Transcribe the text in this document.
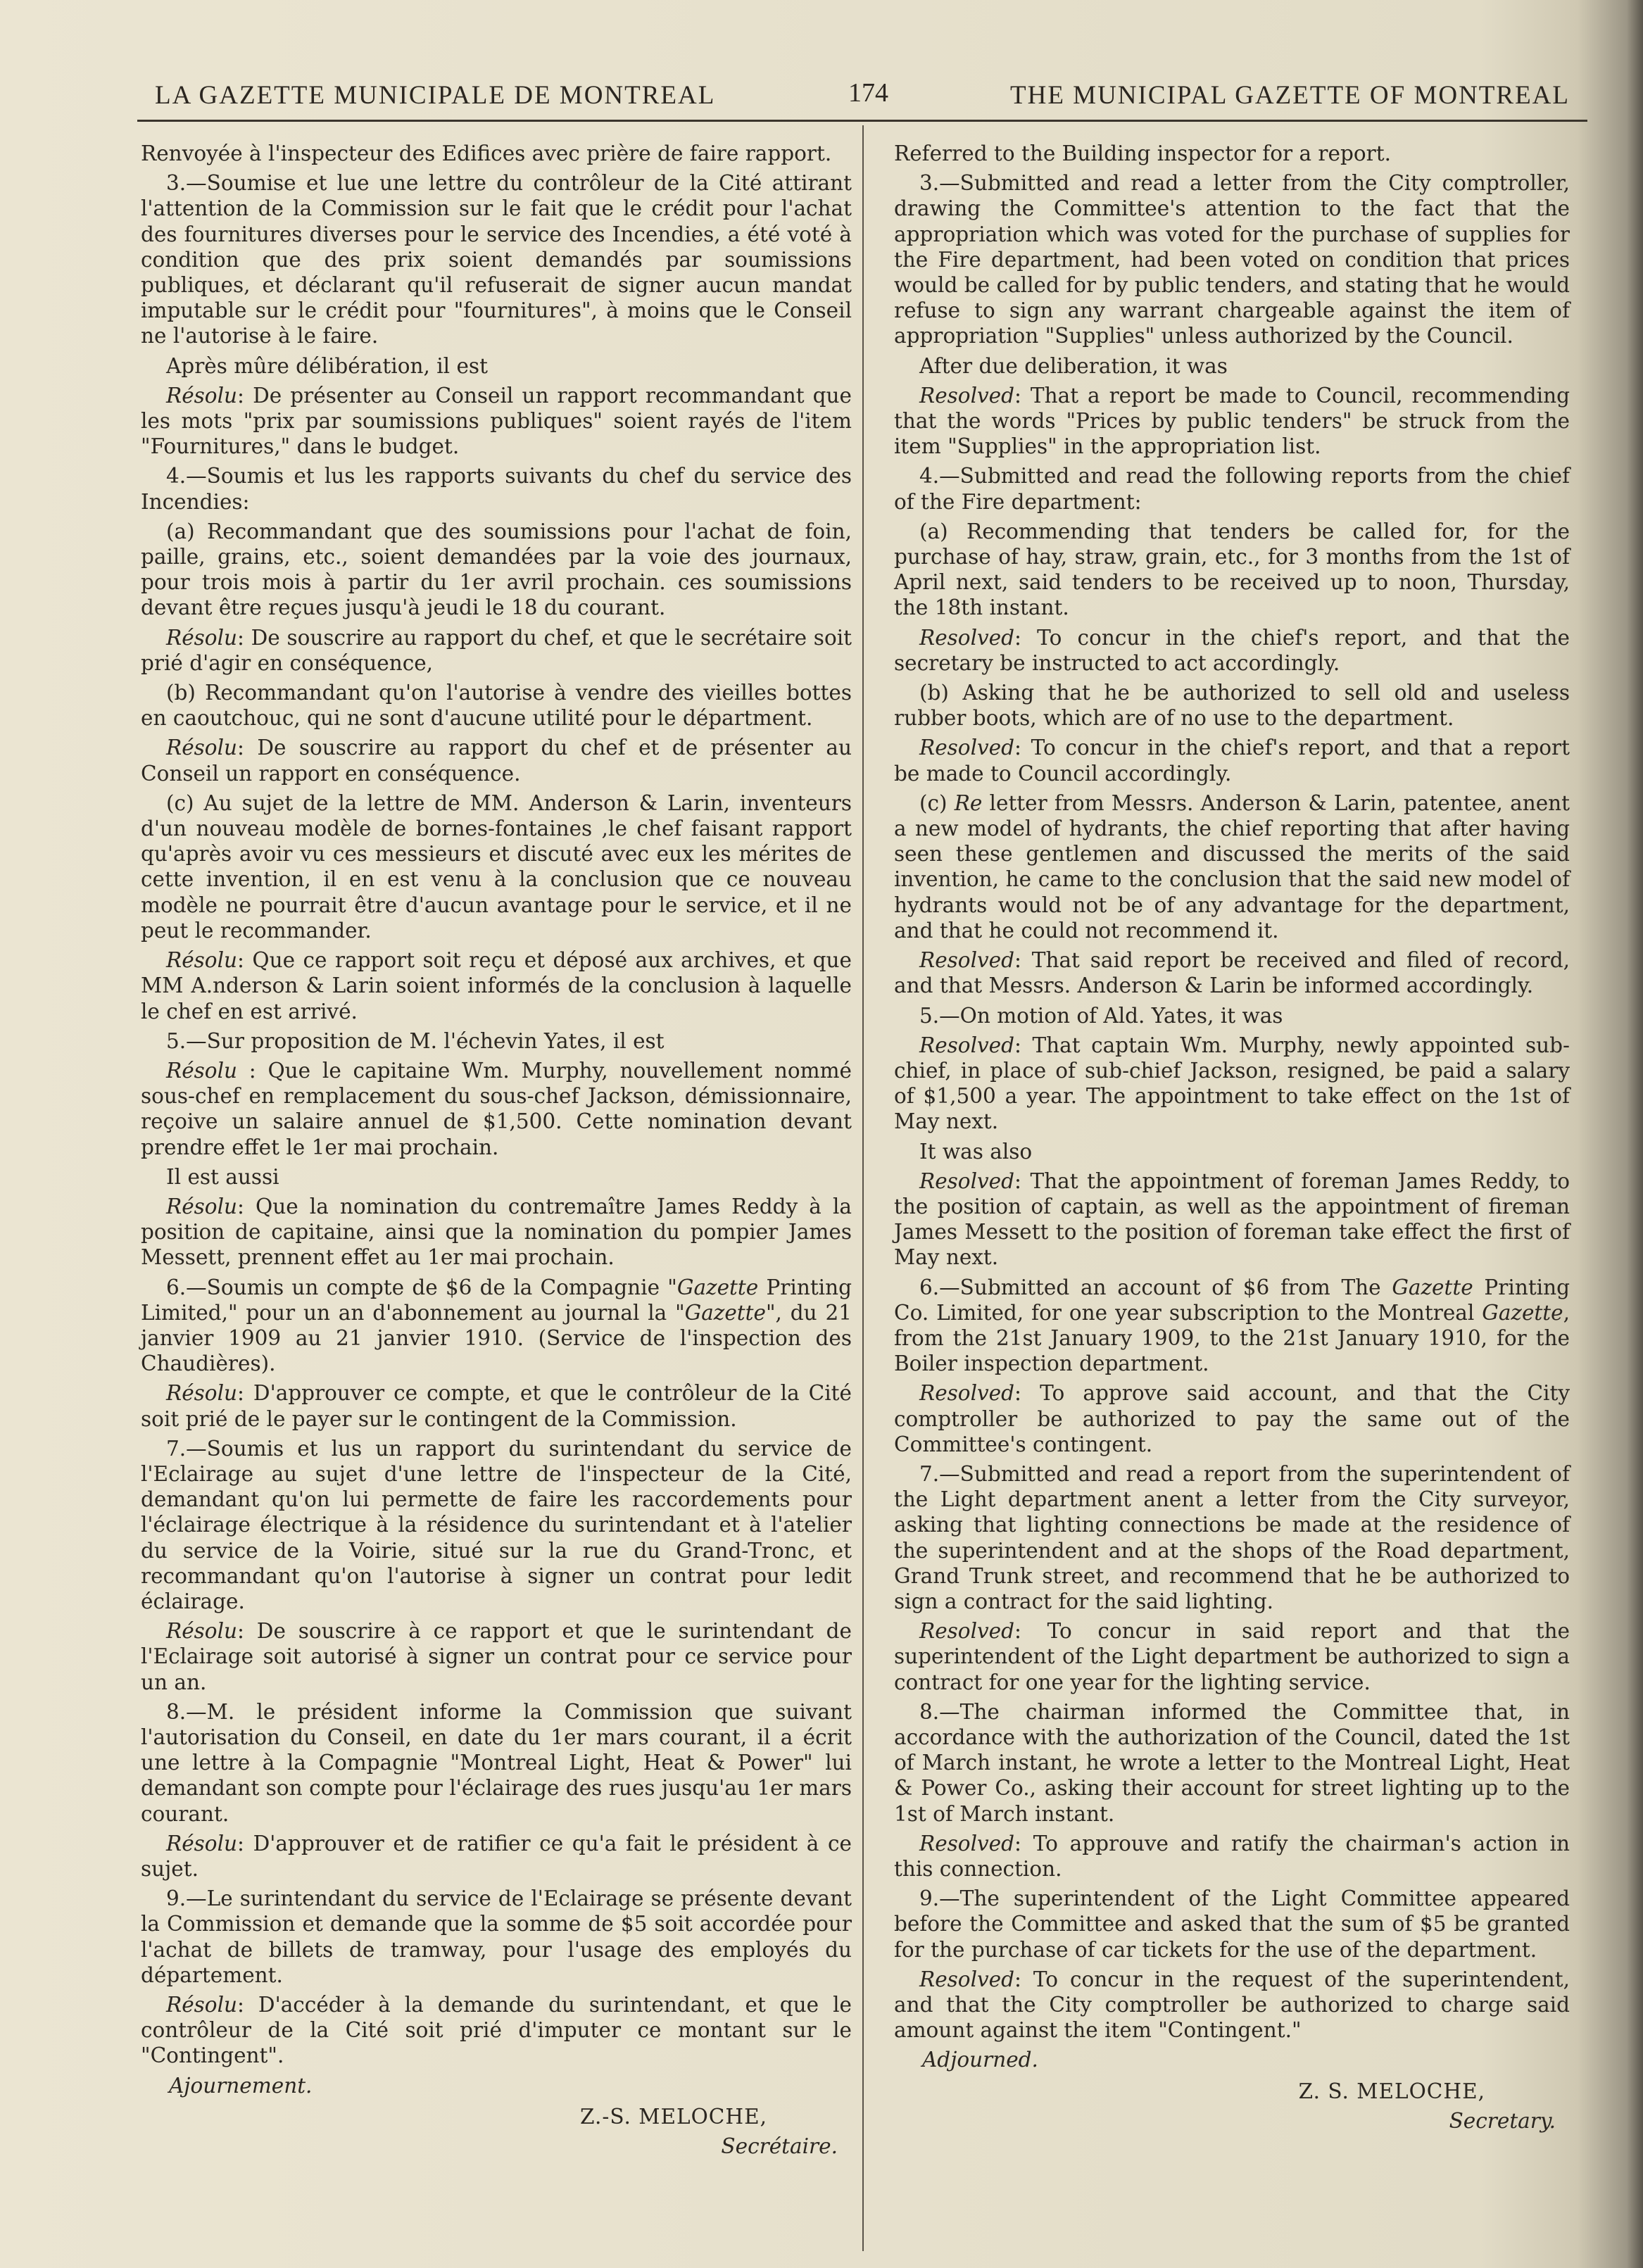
LA GAZETTE MUNICIPALE DE MONTREAL	174	THE MUNICIPAL GAZETTE OF MONTREAL

Renvoyée à l'inspecteur des Edifices avec prière de faire rapport.

3.—Soumise et lue une lettre du contrôleur de la Cité attirant l'attention de la Commission sur le fait que le crédit pour l'achat des fournitures diverses pour le service des Incendies, a été voté à condition que des prix soient demandés par soumissions publiques, et déclarant qu'il refuserait de signer aucun mandat imputable sur le crédit pour "fournitures", à moins que le Conseil ne l'autorise à le faire.

Après mûre délibération, il est

Résolu: De présenter au Conseil un rapport recommandant que les mots "prix par soumissions publiques" soient rayés de l'item "Fournitures," dans le budget.

4.—Soumis et lus les rapports suivants du chef du service des Incendies:

(a) Recommandant que des soumissions pour l'achat de foin, paille, grains, etc., soient demandées par la voie des journaux, pour trois mois à partir du 1er avril prochain. ces soumissions devant être reçues jusqu'à jeudi le 18 du courant.

Résolu: De souscrire au rapport du chef, et que le secrétaire soit prié d'agir en conséquence,

(b) Recommandant qu'on l'autorise à vendre des vieilles bottes en caoutchouc, qui ne sont d'aucune utilité pour le départment.

Résolu: De souscrire au rapport du chef et de présenter au Conseil un rapport en conséquence.

(c) Au sujet de la lettre de MM. Anderson & Larin, inventeurs d'un nouveau modèle de bornes-fontaines ,le chef faisant rapport qu'après avoir vu ces messieurs et discuté avec eux les mérites de cette invention, il en est venu à la conclusion que ce nouveau modèle ne pourrait être d'aucun avantage pour le service, et il ne peut le recommander.

Résolu: Que ce rapport soit reçu et déposé aux archives, et que MM A.nderson & Larin soient informés de la conclusion à laquelle le chef en est arrivé.

5.—Sur proposition de M. l'échevin Yates, il est

Résolu : Que le capitaine Wm. Murphy, nouvellement nommé sous-chef en remplacement du sous-chef Jackson, démissionnaire, reçoive un salaire annuel de $1,500. Cette nomination devant prendre effet le 1er mai prochain.

Il est aussi

Résolu: Que la nomination du contremaître James Reddy à la position de capitaine, ainsi que la nomination du pompier James Messett, prennent effet au 1er mai prochain.

6.—Soumis un compte de $6 de la Compagnie "Gazette Printing Limited," pour un an d'abonnement au journal la "Gazette", du 21 janvier 1909 au 21 janvier 1910. (Service de l'inspection des Chaudières).

Résolu: D'approuver ce compte, et que le contrôleur de la Cité soit prié de le payer sur le contingent de la Commission.

7.—Soumis et lus un rapport du surintendant du service de l'Eclairage au sujet d'une lettre de l'inspecteur de la Cité, demandant qu'on lui permette de faire les raccordements pour l'éclairage électrique à la résidence du surintendant et à l'atelier du service de la Voirie, situé sur la rue du Grand-Tronc, et recommandant qu'on l'autorise à signer un contrat pour ledit éclairage.

Résolu: De souscrire à ce rapport et que le surintendant de l'Eclairage soit autorisé à signer un contrat pour ce service pour un an.

8.—M. le président informe la Commission que suivant l'autorisation du Conseil, en date du 1er mars courant, il a écrit une lettre à la Compagnie "Montreal Light, Heat & Power" lui demandant son compte pour l'éclairage des rues jusqu'au 1er mars courant.

Résolu: D'approuver et de ratifier ce qu'a fait le président à ce sujet.

9.—Le surintendant du service de l'Eclairage se présente devant la Commission et demande que la somme de $5 soit accordée pour l'achat de billets de tramway, pour l'usage des employés du département.

Résolu: D'accéder à la demande du surintendant, et que le contrôleur de la Cité soit prié d'imputer ce montant sur le "Contingent".

Ajournement.
Z.-S. MELOCHE,
Secrétaire.

Referred to the Building inspector for a report.

3.—Submitted and read a letter from the City comptroller, drawing the Committee's attention to the fact that the appropriation which was voted for the purchase of supplies for the Fire department, had been voted on condition that prices would be called for by public tenders, and stating that he would refuse to sign any warrant chargeable against the item of appropriation "Supplies" unless authorized by the Council.

After due deliberation, it was

Resolved: That a report be made to Council, recommending that the words "Prices by public tenders" be struck from the item "Supplies" in the appropriation list.

4.—Submitted and read the following reports from the chief of the Fire department:

(a) Recommending that tenders be called for, for the purchase of hay, straw, grain, etc., for 3 months from the 1st of April next, said tenders to be received up to noon, Thursday, the 18th instant.

Resolved: To concur in the chief's report, and that the secretary be instructed to act accordingly.

(b) Asking that he be authorized to sell old and useless rubber boots, which are of no use to the department.

Resolved: To concur in the chief's report, and that a report be made to Council accordingly.

(c) Re letter from Messrs. Anderson & Larin, patentee, anent a new model of hydrants, the chief reporting that after having seen these gentlemen and discussed the merits of the said invention, he came to the conclusion that the said new model of hydrants would not be of any advantage for the department, and that he could not recommend it.

Resolved: That said report be received and filed of record, and that Messrs. Anderson & Larin be informed accordingly.

5.—On motion of Ald. Yates, it was

Resolved: That captain Wm. Murphy, newly appointed sub-chief, in place of sub-chief Jackson, resigned, be paid a salary of $1,500 a year. The appointment to take effect on the 1st of May next.

It was also

Resolved: That the appointment of foreman James Reddy, to the position of captain, as well as the appointment of fireman James Messett to the position of foreman take effect the first of May next.

6.—Submitted an account of $6 from The Gazette Printing Co. Limited, for one year subscription to the Montreal Gazette, from the 21st January 1909, to the 21st January 1910, for the Boiler inspection department.

Resolved: To approve said account, and that the City comptroller be authorized to pay the same out of the Committee's contingent.

7.—Submitted and read a report from the superintendent of the Light department anent a letter from the City surveyor, asking that lighting connections be made at the residence of the superintendent and at the shops of the Road department, Grand Trunk street, and recommend that he be authorized to sign a contract for the said lighting.

Resolved: To concur in said report and that the superintendent of the Light department be authorized to sign a contract for one year for the lighting service.

8.—The chairman informed the Committee that, in accordance with the authorization of the Council, dated the 1st of March instant, he wrote a letter to the Montreal Light, Heat & Power Co., asking their account for street lighting up to the 1st of March instant.

Resolved: To approuve and ratify the chairman's action in this connection.

9.—The superintendent of the Light Committee appeared before the Committee and asked that the sum of $5 be granted for the purchase of car tickets for the use of the department.

Resolved: To concur in the request of the superintendent, and that the City comptroller be authorized to charge said amount against the item "Contingent."

Adjourned.
Z. S. MELOCHE,
Secretary.
